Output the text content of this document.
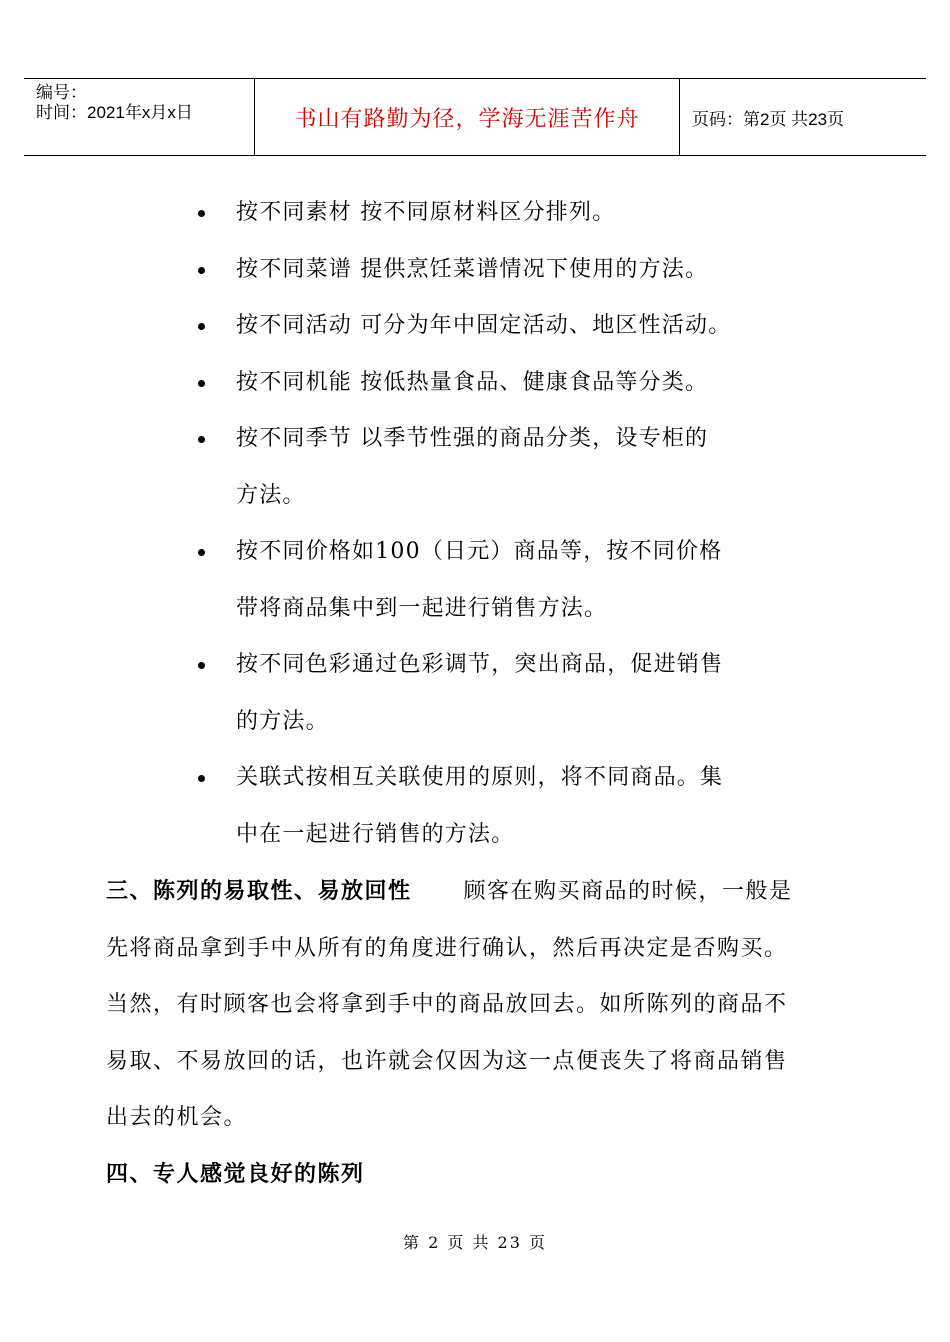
编号：
时间：2021年x月x日	书山有路勤为径，学海无涯苦作舟	页码：第2页 共23页
按不同素材 按不同原材料区分排列。
按不同菜谱 提供烹饪菜谱情况下使用的方法。
按不同活动 可分为年中固定活动、地区性活动。
按不同机能 按低热量食品、健康食品等分类。
按不同季节 以季节性强的商品分类，设专柜的
方法。
按不同价格如100（日元）商品等，按不同价格
带将商品集中到一起进行销售方法。
按不同色彩通过色彩调节，突出商品，促进销售
的方法。
关联式按相互关联使用的原则，将不同商品。集
中在一起进行销售的方法。
三、陈列的易取性、易放回性 顾客在购买商品的时候，一般是
先将商品拿到手中从所有的角度进行确认，然后再决定是否购买。
当然，有时顾客也会将拿到手中的商品放回去。如所陈列的商品不
易取、不易放回的话，也许就会仅因为这一点便丧失了将商品销售
出去的机会。
四、专人感觉良好的陈列
第 2 页 共 23 页
